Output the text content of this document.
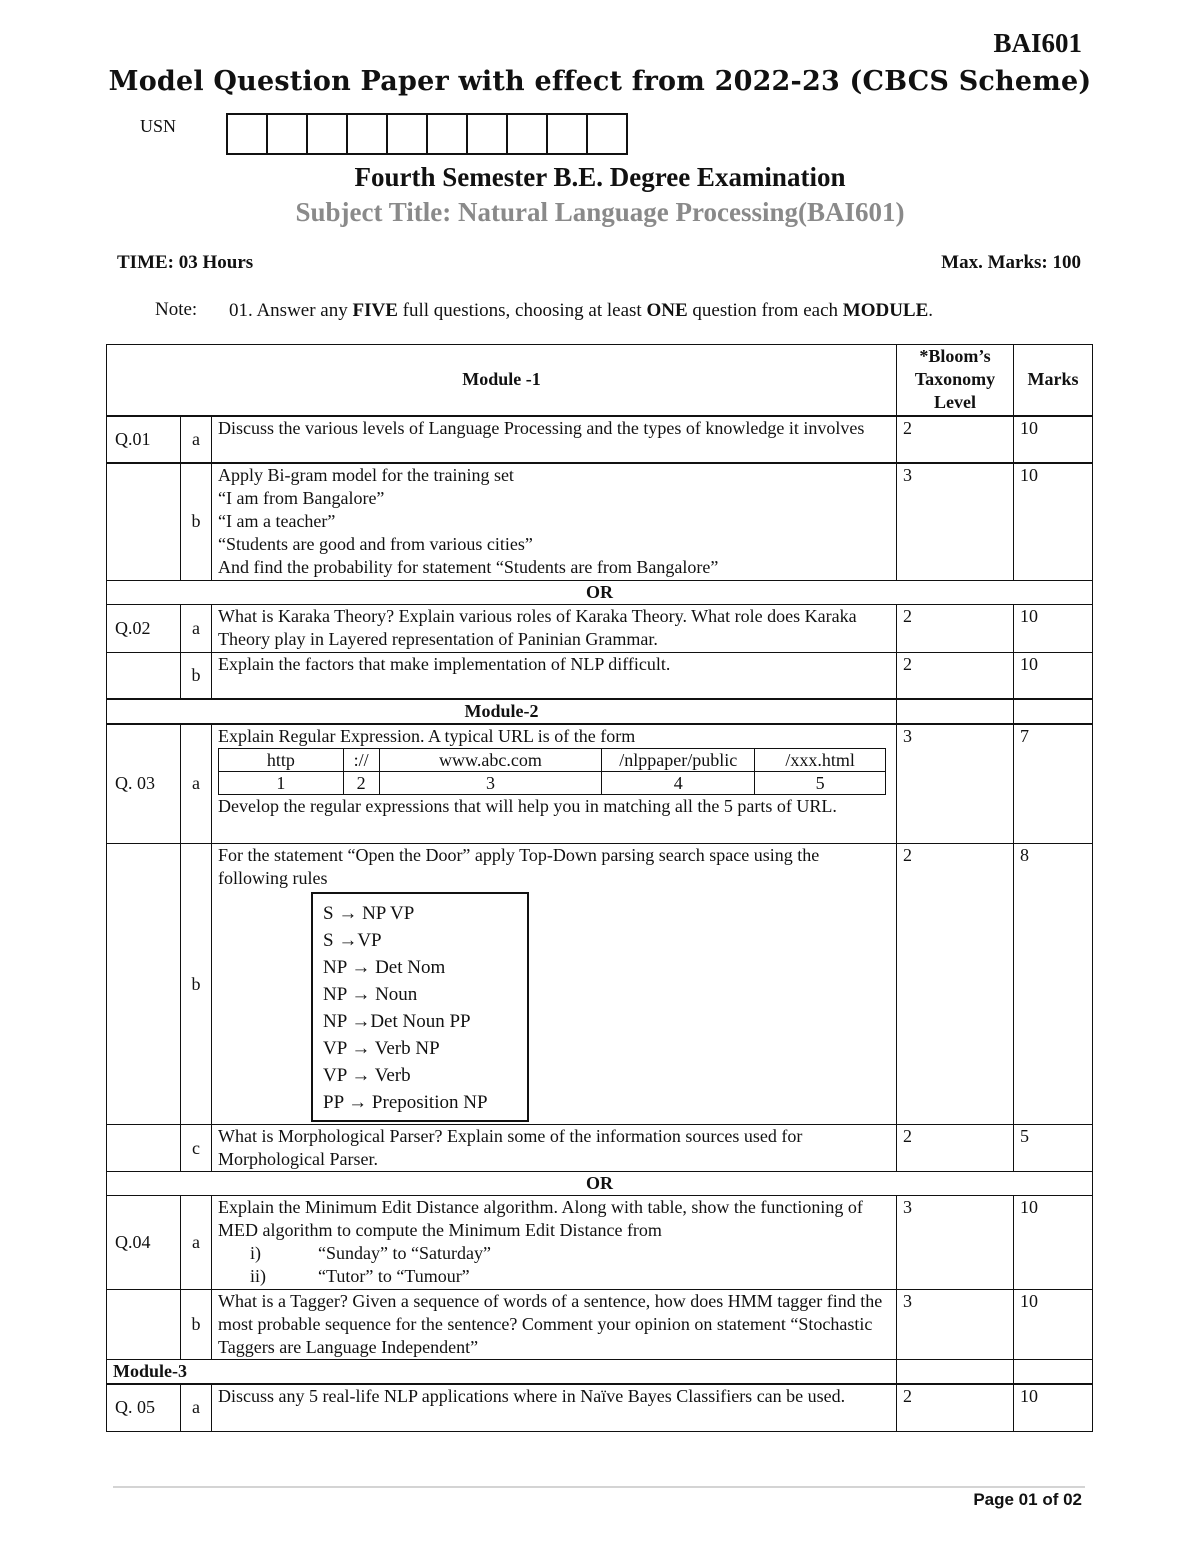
BAI601
Model Question Paper with effect from 2022-23 (CBCS Scheme)
USN
Fourth Semester B.E. Degree Examination
Subject Title: Natural Language Processing(BAI601)
TIME: 03 Hours	Max. Marks: 100
Note: 01. Answer any FIVE full questions, choosing at least ONE question from each MODULE.
Module -1	*Bloom’s Taxonomy Level	Marks
Q.01	a	Discuss the various levels of Language Processing and the types of knowledge it involves	2	10
	b	
Apply Bi-gram model for the training set
“I am from Bangalore”
“I am a teacher”
“Students are good and from various cities”
And find the probability for statement “Students are from Bangalore”
	3	10
OR
Q.02	a	What is Karaka Theory? Explain various roles of Karaka Theory. What role does Karaka Theory play in Layered representation of Paninian Grammar.	2	10
	b	Explain the factors that make implementation of NLP difficult.	2	10
Module-2		
Q. 03	a	
Explain Regular Expression. A typical URL is of the form
http	://	www.abc.com	/nlppaper/public	/xxx.html
1	2	3	4	5
Develop the regular expressions that will help you in matching all the 5 parts of URL.
	3	7
	b	
For the statement “Open the Door” apply Top-Down parsing search space using the following rules
S → NP VP
S →VP
NP → Det Nom
NP → Noun
NP →Det Noun PP
VP → Verb NP
VP → Verb
PP → Preposition NP
	2	8
	c	What is Morphological Parser? Explain some of the information sources used for Morphological Parser.	2	5
OR
Q.04	a	
Explain the Minimum Edit Distance algorithm. Along with table, show the functioning of MED algorithm to compute the Minimum Edit Distance from
i)	“Sunday” to “Saturday”
ii)	“Tutor” to “Tumour”
	3	10
	b	What is a Tagger? Given a sequence of words of a sentence, how does HMM tagger find the most probable sequence for the sentence? Comment your opinion on statement “Stochastic Taggers are Language Independent”	3	10
Module-3		
Q. 05	a	Discuss any 5 real-life NLP applications where in Naïve Bayes Classifiers can be used.	2	10
Page 01 of 02
